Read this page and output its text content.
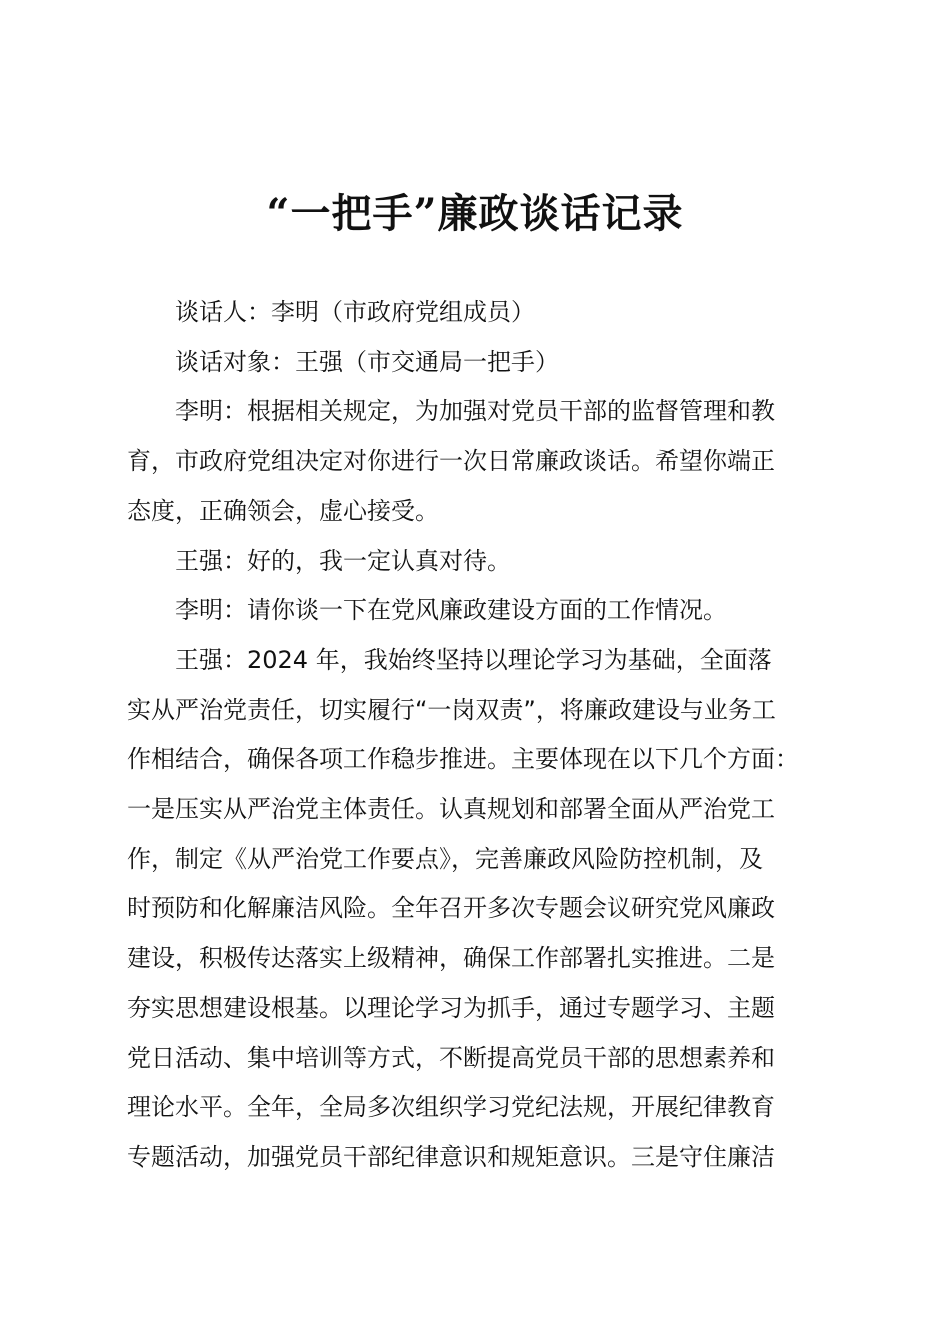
“一把手”廉政谈话记录

谈话人：李明（市政府党组成员）

谈话对象：王强（市交通局一把手）

李明：根据相关规定，为加强对党员干部的监督管理和教
育，市政府党组决定对你进行一次日常廉政谈话。希望你端正
态度，正确领会，虚心接受。

王强：好的，我一定认真对待。

李明：请你谈一下在党风廉政建设方面的工作情况。

王强：2024 年，我始终坚持以理论学习为基础，全面落
实从严治党责任，切实履行“一岗双责”，将廉政建设与业务工
作相结合，确保各项工作稳步推进。主要体现在以下几个方面：
一是压实从严治党主体责任。认真规划和部署全面从严治党工
作，制定《从严治党工作要点》，完善廉政风险防控机制，及
时预防和化解廉洁风险。全年召开多次专题会议研究党风廉政
建设，积极传达落实上级精神，确保工作部署扎实推进。二是
夯实思想建设根基。以理论学习为抓手，通过专题学习、主题
党日活动、集中培训等方式，不断提高党员干部的思想素养和
理论水平。全年，全局多次组织学习党纪法规，开展纪律教育
专题活动，加强党员干部纪律意识和规矩意识。三是守住廉洁
